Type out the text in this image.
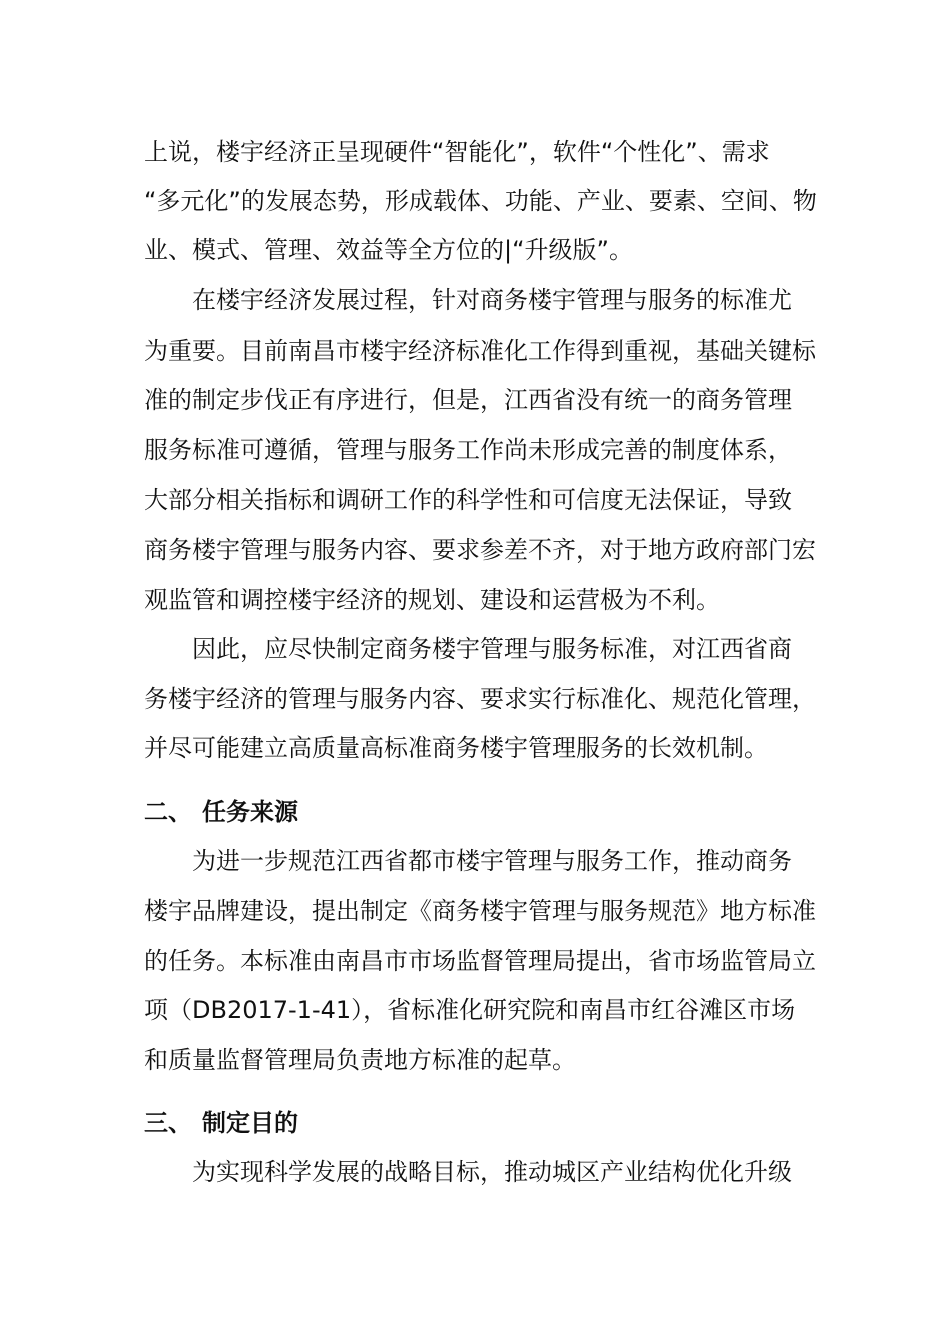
上说，楼宇经济正呈现硬件“智能化”，软件“个性化”、需求
“多元化”的发展态势，形成载体、功能、产业、要素、空间、物
业、模式、管理、效益等全方位的|“升级版”。
在楼宇经济发展过程，针对商务楼宇管理与服务的标准尤
为重要。目前南昌市楼宇经济标准化工作得到重视，基础关键标
准的制定步伐正有序进行，但是，江西省没有统一的商务管理
服务标准可遵循，管理与服务工作尚未形成完善的制度体系，
大部分相关指标和调研工作的科学性和可信度无法保证，导致
商务楼宇管理与服务内容、要求参差不齐，对于地方政府部门宏
观监管和调控楼宇经济的规划、建设和运营极为不利。
因此，应尽快制定商务楼宇管理与服务标准，对江西省商
务楼宇经济的管理与服务内容、要求实行标准化、规范化管理，
并尽可能建立高质量高标准商务楼宇管理服务的长效机制。
二、 任务来源
为进一步规范江西省都市楼宇管理与服务工作，推动商务
楼宇品牌建设，提出制定《商务楼宇管理与服务规范》地方标准
的任务。本标准由南昌市市场监督管理局提出，省市场监管局立
项（DB2017-1-41），省标准化研究院和南昌市红谷滩区市场
和质量监督管理局负责地方标准的起草。
三、 制定目的
为实现科学发展的战略目标，推动城区产业结构优化升级
